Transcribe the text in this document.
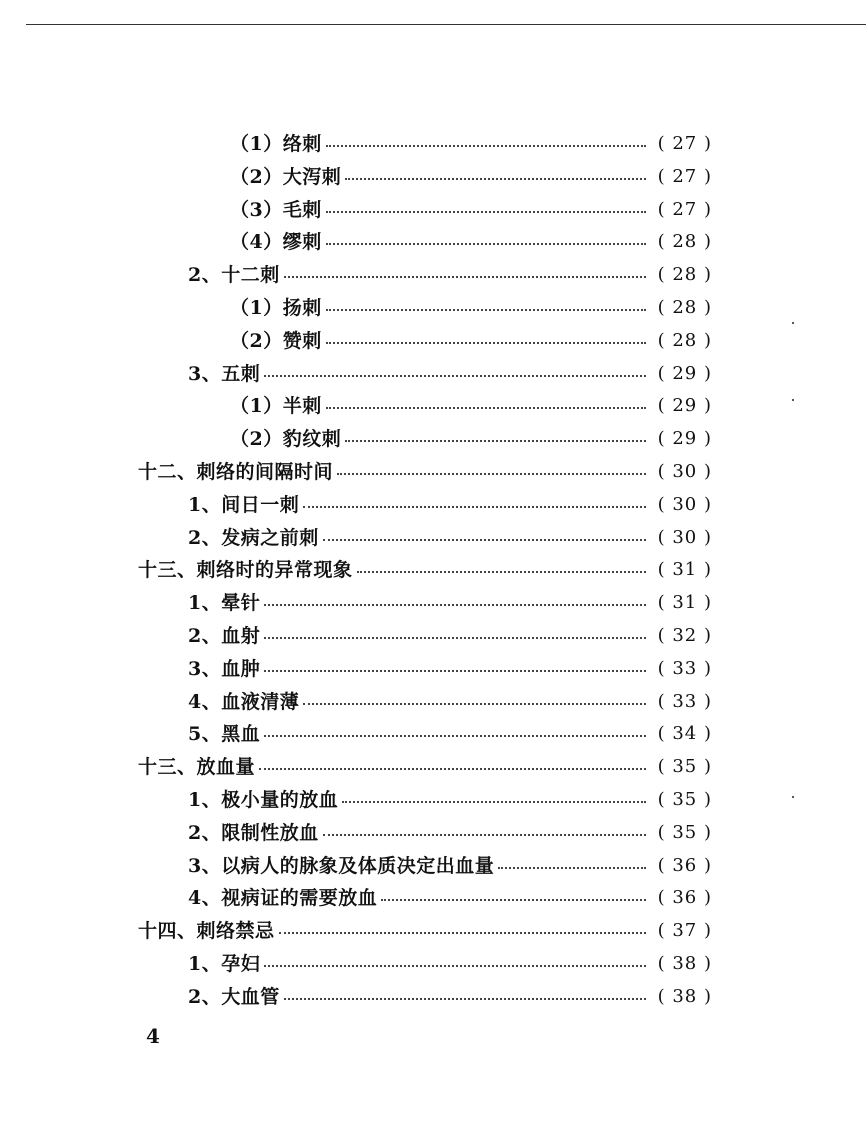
（1）络刺	( 27 )
（2）大泻刺	( 27 )
（3）毛刺	( 27 )
（4）缪刺	( 28 )
2、十二刺	( 28 )
（1）扬刺	( 28 )
（2）赞刺	( 28 )
3、五刺	( 29 )
（1）半刺	( 29 )
（2）豹纹刺	( 29 )
十二、刺络的间隔时间	( 30 )
1、间日一刺	( 30 )
2、发病之前刺	( 30 )
十三、刺络时的异常现象	( 31 )
1、晕针	( 31 )
2、血射	( 32 )
3、血肿	( 33 )
4、血液清薄	( 33 )
5、黑血	( 34 )
十三、放血量	( 35 )
1、极小量的放血	( 35 )
2、限制性放血	( 35 )
3、以病人的脉象及体质决定出血量	( 36 )
4、视病证的需要放血	( 36 )
十四、刺络禁忌	( 37 )
1、孕妇	( 38 )
2、大血管	( 38 )
4
